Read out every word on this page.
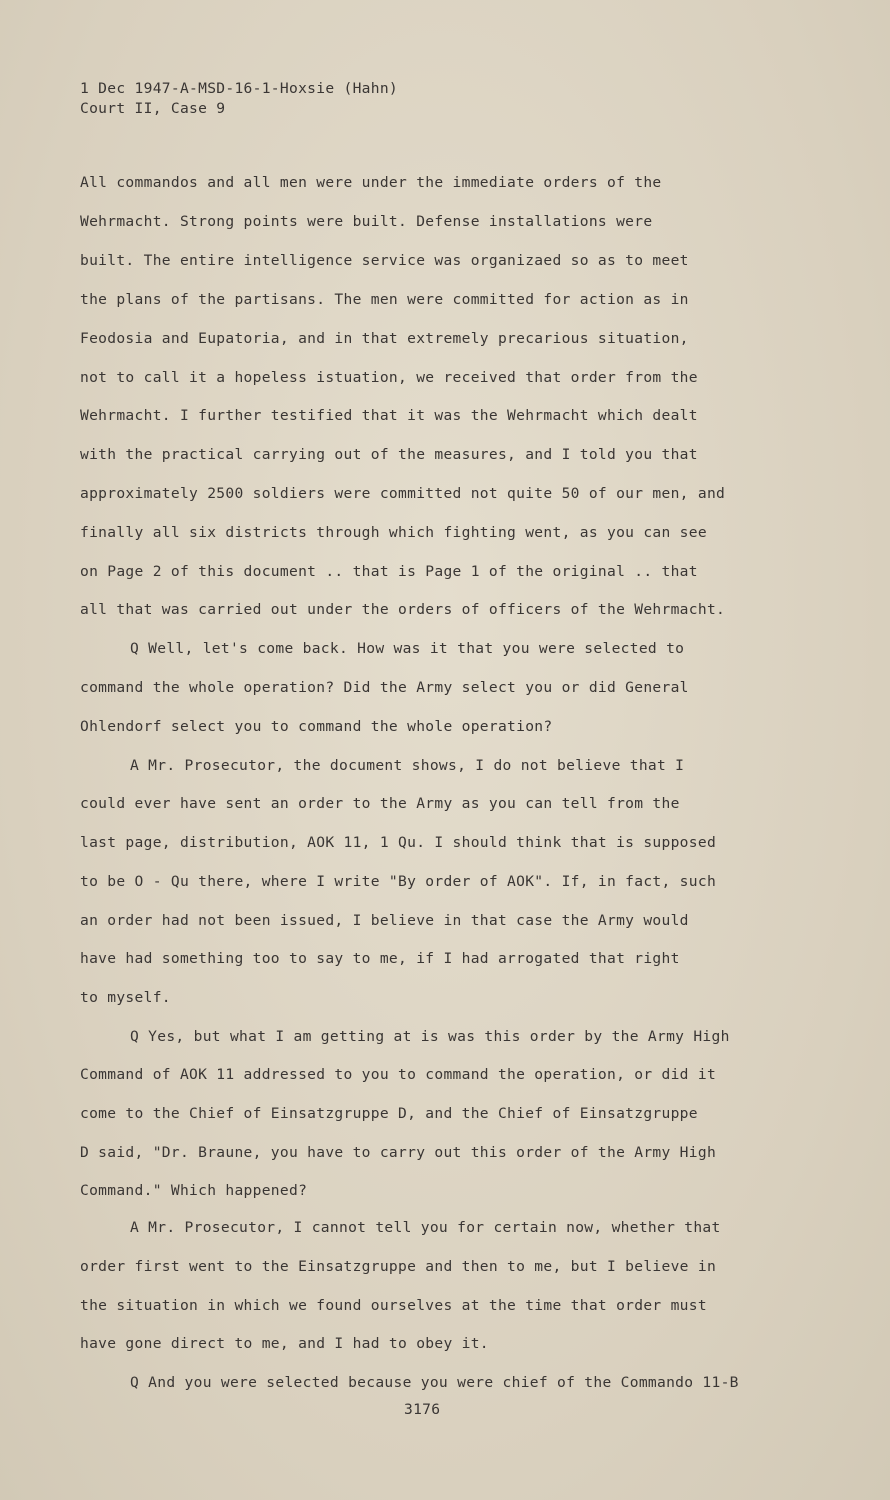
1 Dec 1947-A-MSD-16-1-Hoxsie (Hahn)
Court II, Case 9
All commandos and all men were under the immediate orders of the
Wehrmacht. Strong points were built. Defense installations were
built. The entire intelligence service was organizaed so as to meet
the plans of the partisans. The men were committed for action as in
Feodosia and Eupatoria, and in that extremely precarious situation,
not to call it a hopeless istuation, we received that order from the
Wehrmacht. I further testified that it was the Wehrmacht which dealt
with the practical carrying out of the measures, and I told you that
approximately 2500 soldiers were committed not quite 50 of our men, and
finally all six districts through which fighting went, as you can see
on Page 2 of this document .. that is Page 1 of the original .. that
all that was carried out under the orders of officers of the Wehrmacht.
Q Well, let's come back. How was it that you were selected to
command the whole operation? Did the Army select you or did General
Ohlendorf select you to command the whole operation?
A Mr. Prosecutor, the document shows, I do not believe that I
could ever have sent an order to the Army as you can tell from the
last page, distribution, AOK 11, 1 Qu. I should think that is supposed
to be O - Qu there, where I write "By order of AOK". If, in fact, such
an order had not been issued, I believe in that case the Army would
have had something too to say to me, if I had arrogated that right
to myself.
Q Yes, but what I am getting at is was this order by the Army High
Command of AOK 11 addressed to you to command the operation, or did it
come to the Chief of Einsatzgruppe D, and the Chief of Einsatzgruppe
D said, "Dr. Braune, you have to carry out this order of the Army High
Command." Which happened?
A Mr. Prosecutor, I cannot tell you for certain now, whether that
order first went to the Einsatzgruppe and then to me, but I believe in
the situation in which we found ourselves at the time that order must
have gone direct to me, and I had to obey it.
Q And you were selected because you were chief of the Commando 11-B
3176
